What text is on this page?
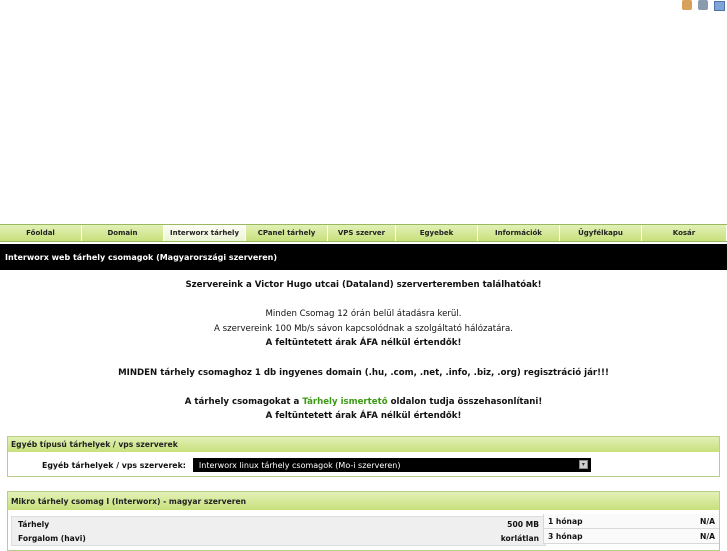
Főoldal	Domain	Interworx tárhely	CPanel tárhely	VPS szerver	Egyebek	Információk	Ügyfélkapu	Kosár
Interworx web tárhely csomagok (Magyarországi szerveren)
Szervereink a Victor Hugo utcai (Dataland) szerverteremben találhatóak!

Minden Csomag 12 órán belül átadásra kerül.
A szervereink 100 Mb/s sávon kapcsolódnak a szolgáltató hálózatára.
A feltüntetett árak ÁFA nélkül értendők!

MINDEN tárhely csomaghoz 1 db ingyenes domain (.hu, .com, .net, .info, .biz, .org) regisztráció jár!!!

A tárhely csomagokat a Tárhely ismertető oldalon tudja összehasonlítani!
A feltüntetett árak ÁFA nélkül értendők!
Egyéb típusú tárhelyek / vps szerverek
Egyéb tárhelyek / vps szerverek: Interworx linux tárhely csomagok (Mo-i szerveren)	▾
Mikro tárhely csomag I (Interworx) - magyar szerveren
Tárhely	500 MB
Forgalom (havi)	korlátlan
1 hónap	N/A
3 hónap	N/A
